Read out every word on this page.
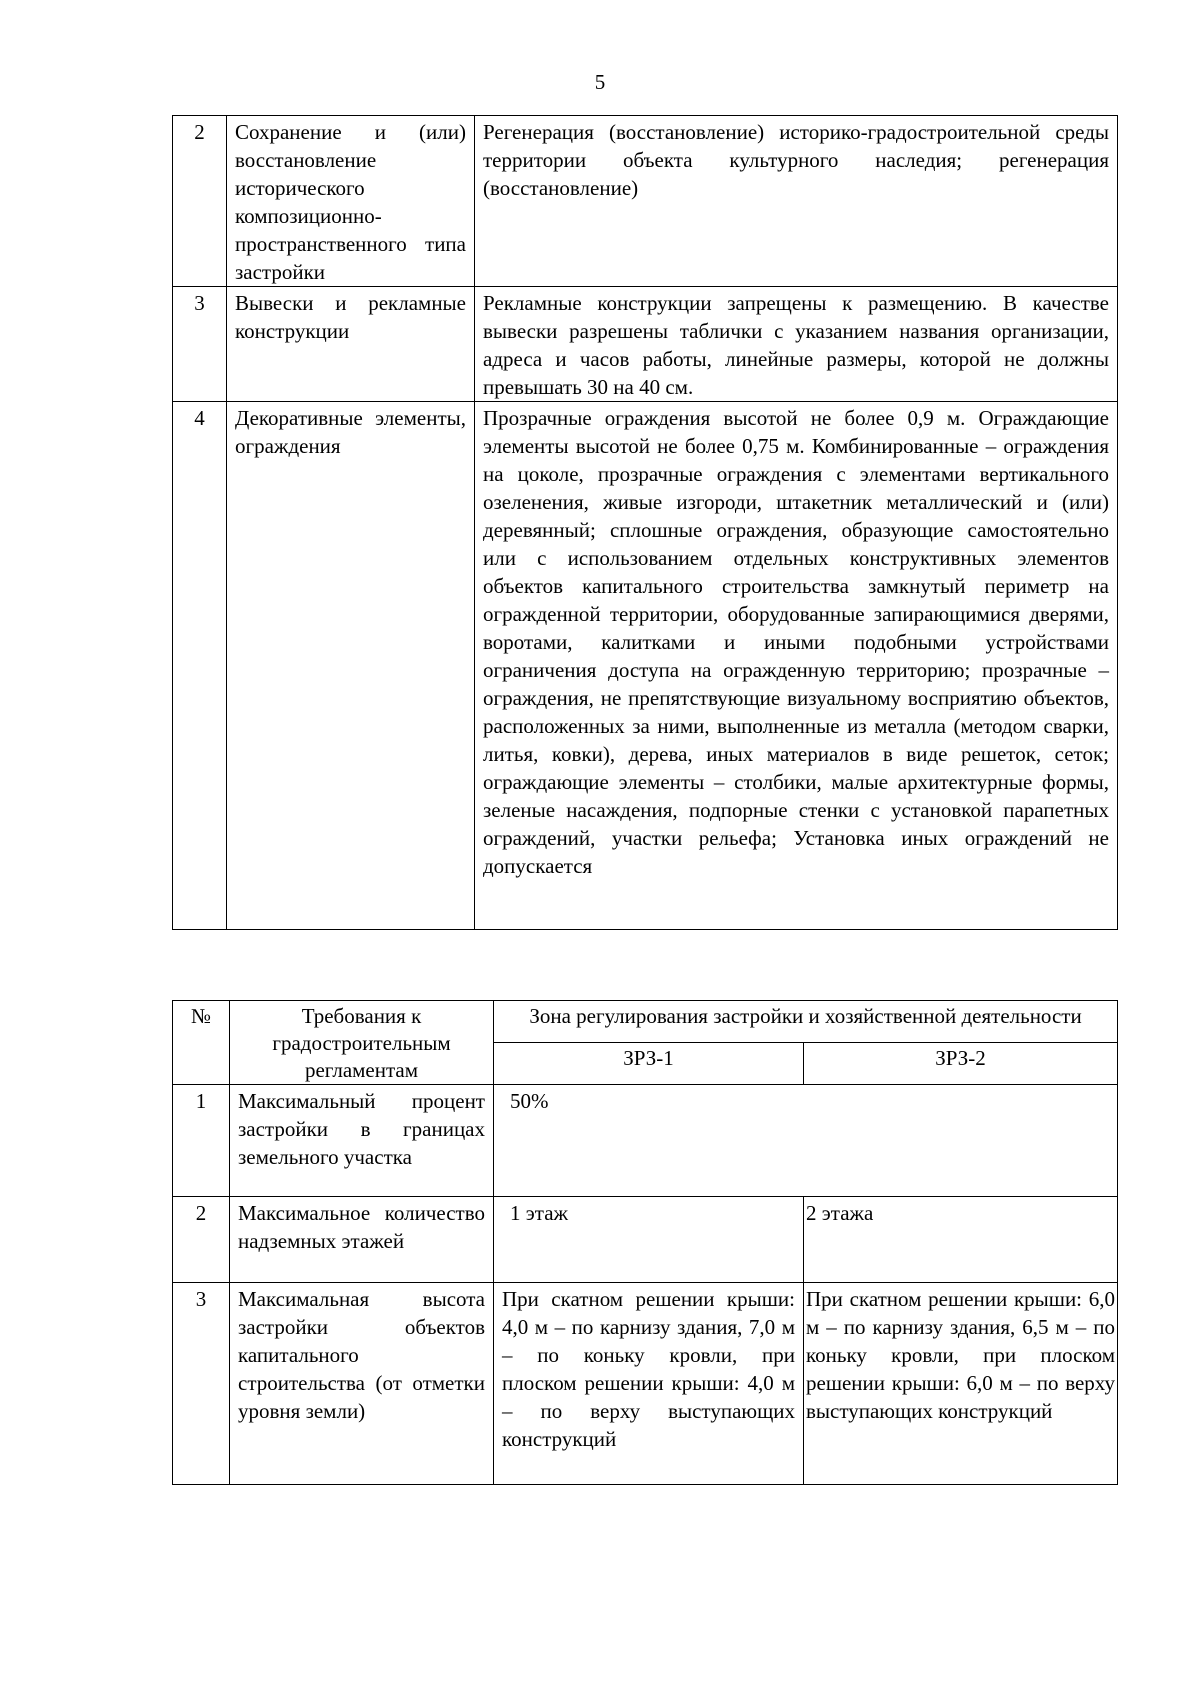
5
2	Сохранение и (или) восстановление исторического композиционно-пространственного типа застройки	Регенерация (восстановление) историко-градостроительной среды территории объекта культурного наследия; регенерация (восстановление)
3	Вывески и рекламные конструкции	Рекламные конструкции запрещены к размещению. В качестве вывески разрешены таблички с указанием названия организации, адреса и часов работы, линейные размеры, которой не должны превышать 30 на 40 см.
4	Декоративные элементы, ограждения	Прозрачные ограждения высотой не более 0,9 м. Ограждающие элементы высотой не более 0,75 м. Комбинированные – ограждения на цоколе, прозрачные ограждения с элементами вертикального озеленения, живые изгороди, штакетник металлический и (или) деревянный; сплошные ограждения, образующие самостоятельно или с использованием отдельных конструктивных элементов объектов капитального строительства замкнутый периметр на огражденной территории, оборудованные запирающимися дверями, воротами, калитками и иными подобными устройствами ограничения доступа на огражденную территорию; прозрачные – ограждения, не препятствующие визуальному восприятию объектов, расположенных за ними, выполненные из металла (методом сварки, литья, ковки), дерева, иных материалов в виде решеток, сеток; ограждающие элементы – столбики, малые архитектурные формы, зеленые насаждения, подпорные стенки с установкой парапетных ограждений, участки рельефа; Установка иных ограждений не допускается
№	Требования к градостроительным регламентам	Зона регулирования застройки и хозяйственной деятельности	
		ЗРЗ-1	ЗРЗ-2
1	Максимальный процент застройки в границах земельного участка	50%	
2	Максимальное количество надземных этажей	1 этаж	2 этажа
3	Максимальная высота застройки объектов капитального строительства (от отметки уровня земли)	При скатном решении крыши: 4,0 м – по карнизу здания, 7,0 м – по коньку кровли, при плоском решении крыши: 4,0 м – по верху выступающих конструкций	При скатном решении крыши: 6,0 м – по карнизу здания, 6,5 м – по коньку кровли, при плоском решении крыши: 6,0 м – по верху выступающих конструкций
